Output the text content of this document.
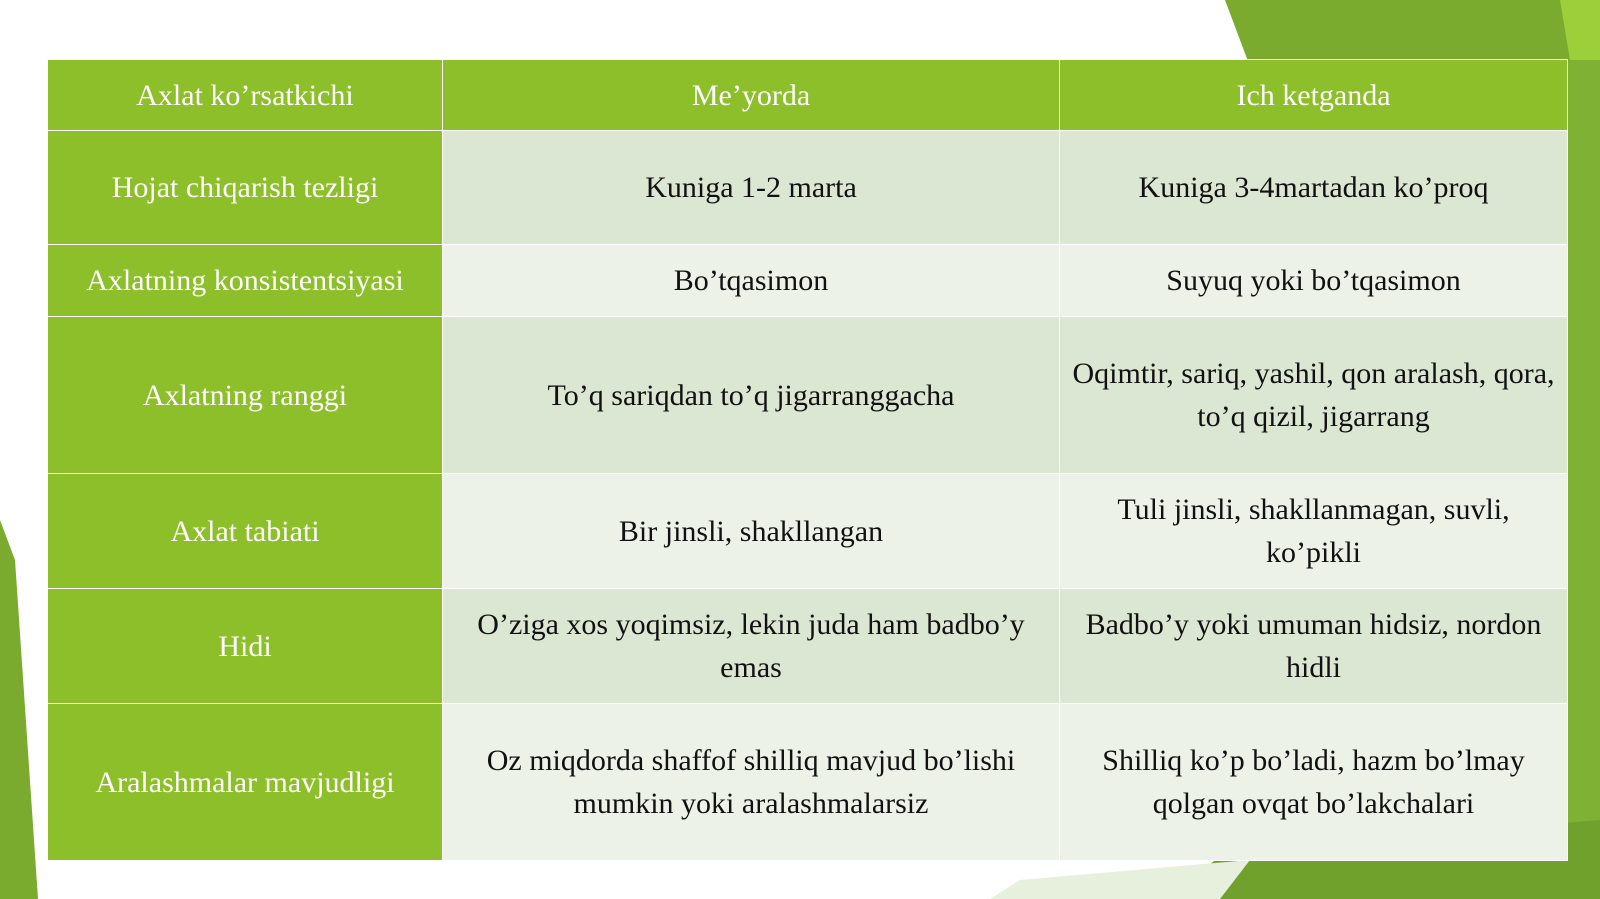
Axlat ko’rsatkichi	Me’yorda	Ich ketganda
Hojat chiqarish tezligi	Kuniga 1-2 marta	Kuniga 3-4martadan ko’proq
Axlatning konsistentsiyasi	Bo’tqasimon	Suyuq yoki bo’tqasimon
Axlatning ranggi	To’q sariqdan to’q jigarranggacha	Oqimtir, sariq, yashil, qon aralash, qora, to’q qizil, jigarrang
Axlat tabiati	Bir jinsli, shakllangan	Tuli jinsli, shakllanmagan, suvli, ko’pikli
Hidi	O’ziga xos yoqimsiz, lekin juda ham badbo’y emas	Badbo’y yoki umuman hidsiz, nordon hidli
Aralashmalar mavjudligi	Oz miqdorda shaffof shilliq mavjud bo’lishi mumkin yoki aralashmalarsiz	Shilliq ko’p bo’ladi, hazm bo’lmay qolgan ovqat bo’lakchalari
